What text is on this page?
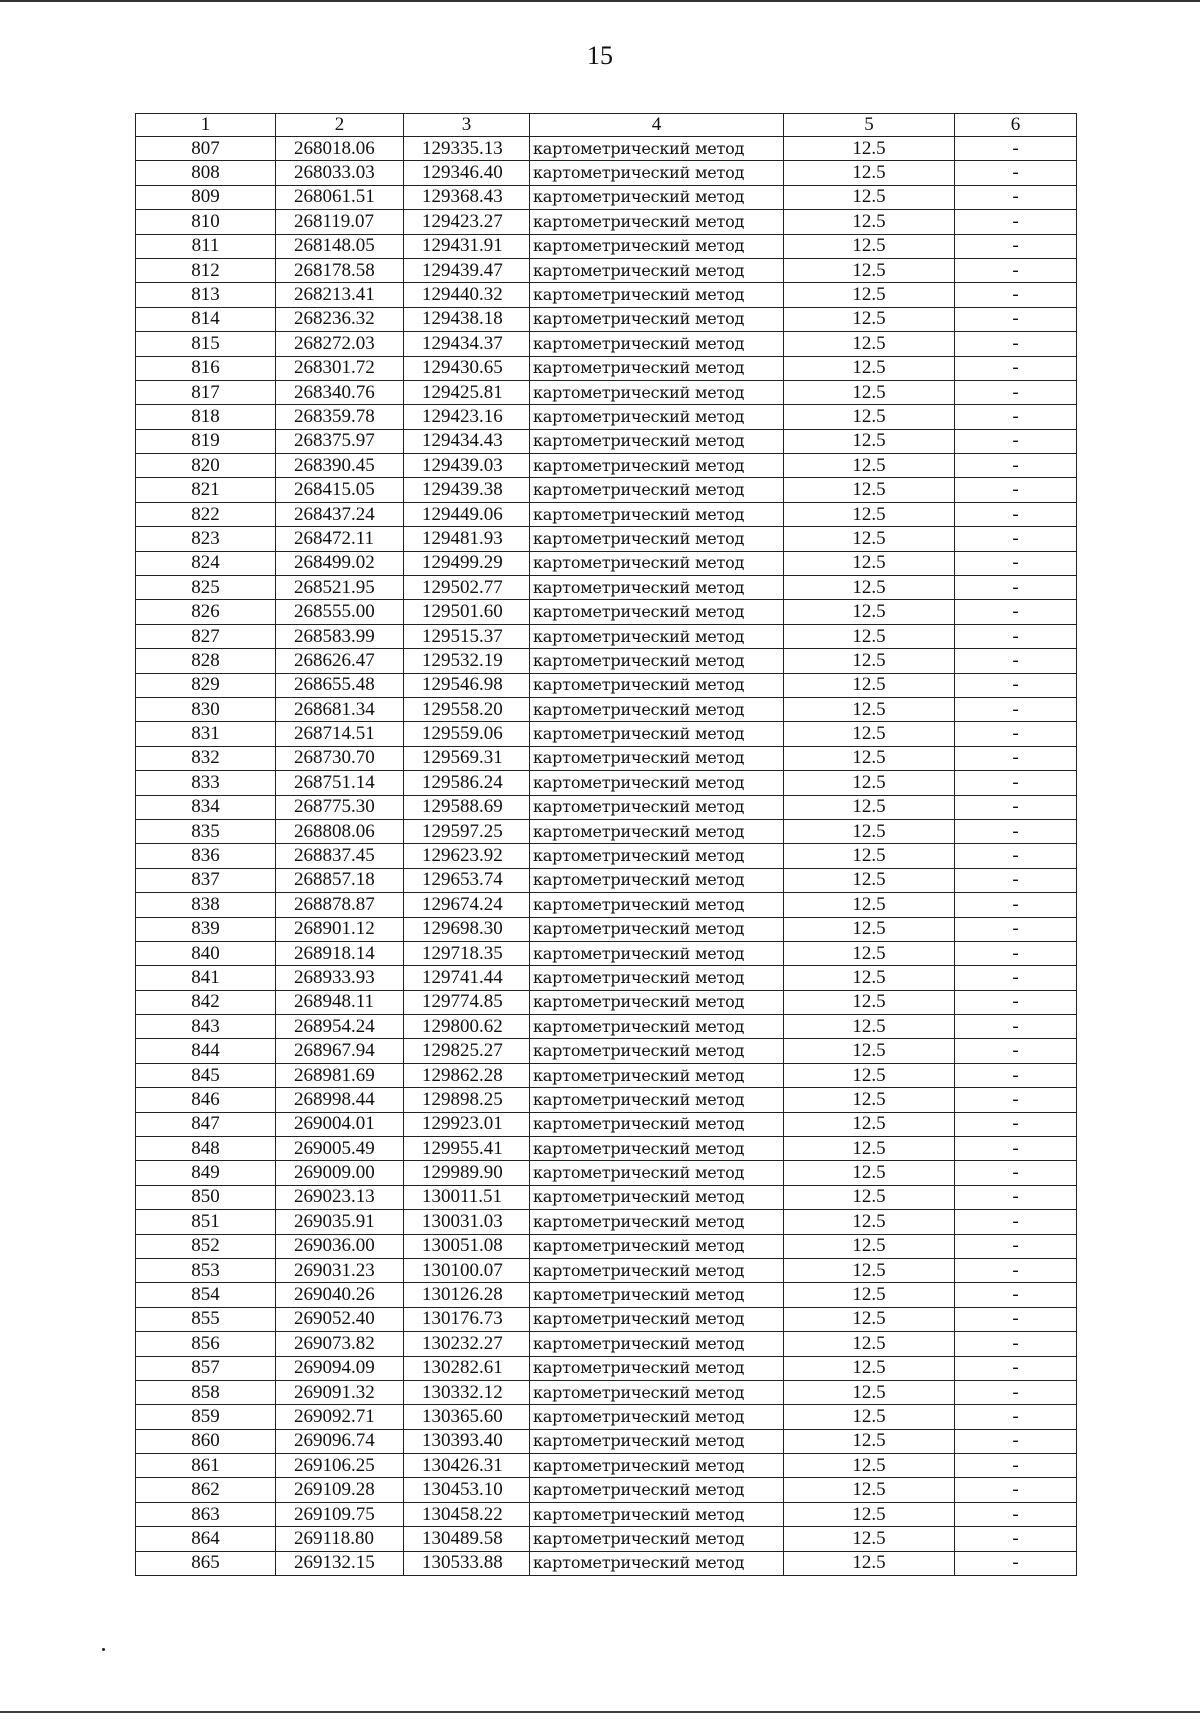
15
1	2	3	4	5	6
807	268018.06	129335.13	картометрический метод	12.5	-
808	268033.03	129346.40	картометрический метод	12.5	-
809	268061.51	129368.43	картометрический метод	12.5	-
810	268119.07	129423.27	картометрический метод	12.5	-
811	268148.05	129431.91	картометрический метод	12.5	-
812	268178.58	129439.47	картометрический метод	12.5	-
813	268213.41	129440.32	картометрический метод	12.5	-
814	268236.32	129438.18	картометрический метод	12.5	-
815	268272.03	129434.37	картометрический метод	12.5	-
816	268301.72	129430.65	картометрический метод	12.5	-
817	268340.76	129425.81	картометрический метод	12.5	-
818	268359.78	129423.16	картометрический метод	12.5	-
819	268375.97	129434.43	картометрический метод	12.5	-
820	268390.45	129439.03	картометрический метод	12.5	-
821	268415.05	129439.38	картометрический метод	12.5	-
822	268437.24	129449.06	картометрический метод	12.5	-
823	268472.11	129481.93	картометрический метод	12.5	-
824	268499.02	129499.29	картометрический метод	12.5	-
825	268521.95	129502.77	картометрический метод	12.5	-
826	268555.00	129501.60	картометрический метод	12.5	-
827	268583.99	129515.37	картометрический метод	12.5	-
828	268626.47	129532.19	картометрический метод	12.5	-
829	268655.48	129546.98	картометрический метод	12.5	-
830	268681.34	129558.20	картометрический метод	12.5	-
831	268714.51	129559.06	картометрический метод	12.5	-
832	268730.70	129569.31	картометрический метод	12.5	-
833	268751.14	129586.24	картометрический метод	12.5	-
834	268775.30	129588.69	картометрический метод	12.5	-
835	268808.06	129597.25	картометрический метод	12.5	-
836	268837.45	129623.92	картометрический метод	12.5	-
837	268857.18	129653.74	картометрический метод	12.5	-
838	268878.87	129674.24	картометрический метод	12.5	-
839	268901.12	129698.30	картометрический метод	12.5	-
840	268918.14	129718.35	картометрический метод	12.5	-
841	268933.93	129741.44	картометрический метод	12.5	-
842	268948.11	129774.85	картометрический метод	12.5	-
843	268954.24	129800.62	картометрический метод	12.5	-
844	268967.94	129825.27	картометрический метод	12.5	-
845	268981.69	129862.28	картометрический метод	12.5	-
846	268998.44	129898.25	картометрический метод	12.5	-
847	269004.01	129923.01	картометрический метод	12.5	-
848	269005.49	129955.41	картометрический метод	12.5	-
849	269009.00	129989.90	картометрический метод	12.5	-
850	269023.13	130011.51	картометрический метод	12.5	-
851	269035.91	130031.03	картометрический метод	12.5	-
852	269036.00	130051.08	картометрический метод	12.5	-
853	269031.23	130100.07	картометрический метод	12.5	-
854	269040.26	130126.28	картометрический метод	12.5	-
855	269052.40	130176.73	картометрический метод	12.5	-
856	269073.82	130232.27	картометрический метод	12.5	-
857	269094.09	130282.61	картометрический метод	12.5	-
858	269091.32	130332.12	картометрический метод	12.5	-
859	269092.71	130365.60	картометрический метод	12.5	-
860	269096.74	130393.40	картометрический метод	12.5	-
861	269106.25	130426.31	картометрический метод	12.5	-
862	269109.28	130453.10	картометрический метод	12.5	-
863	269109.75	130458.22	картометрический метод	12.5	-
864	269118.80	130489.58	картометрический метод	12.5	-
865	269132.15	130533.88	картометрический метод	12.5	-
